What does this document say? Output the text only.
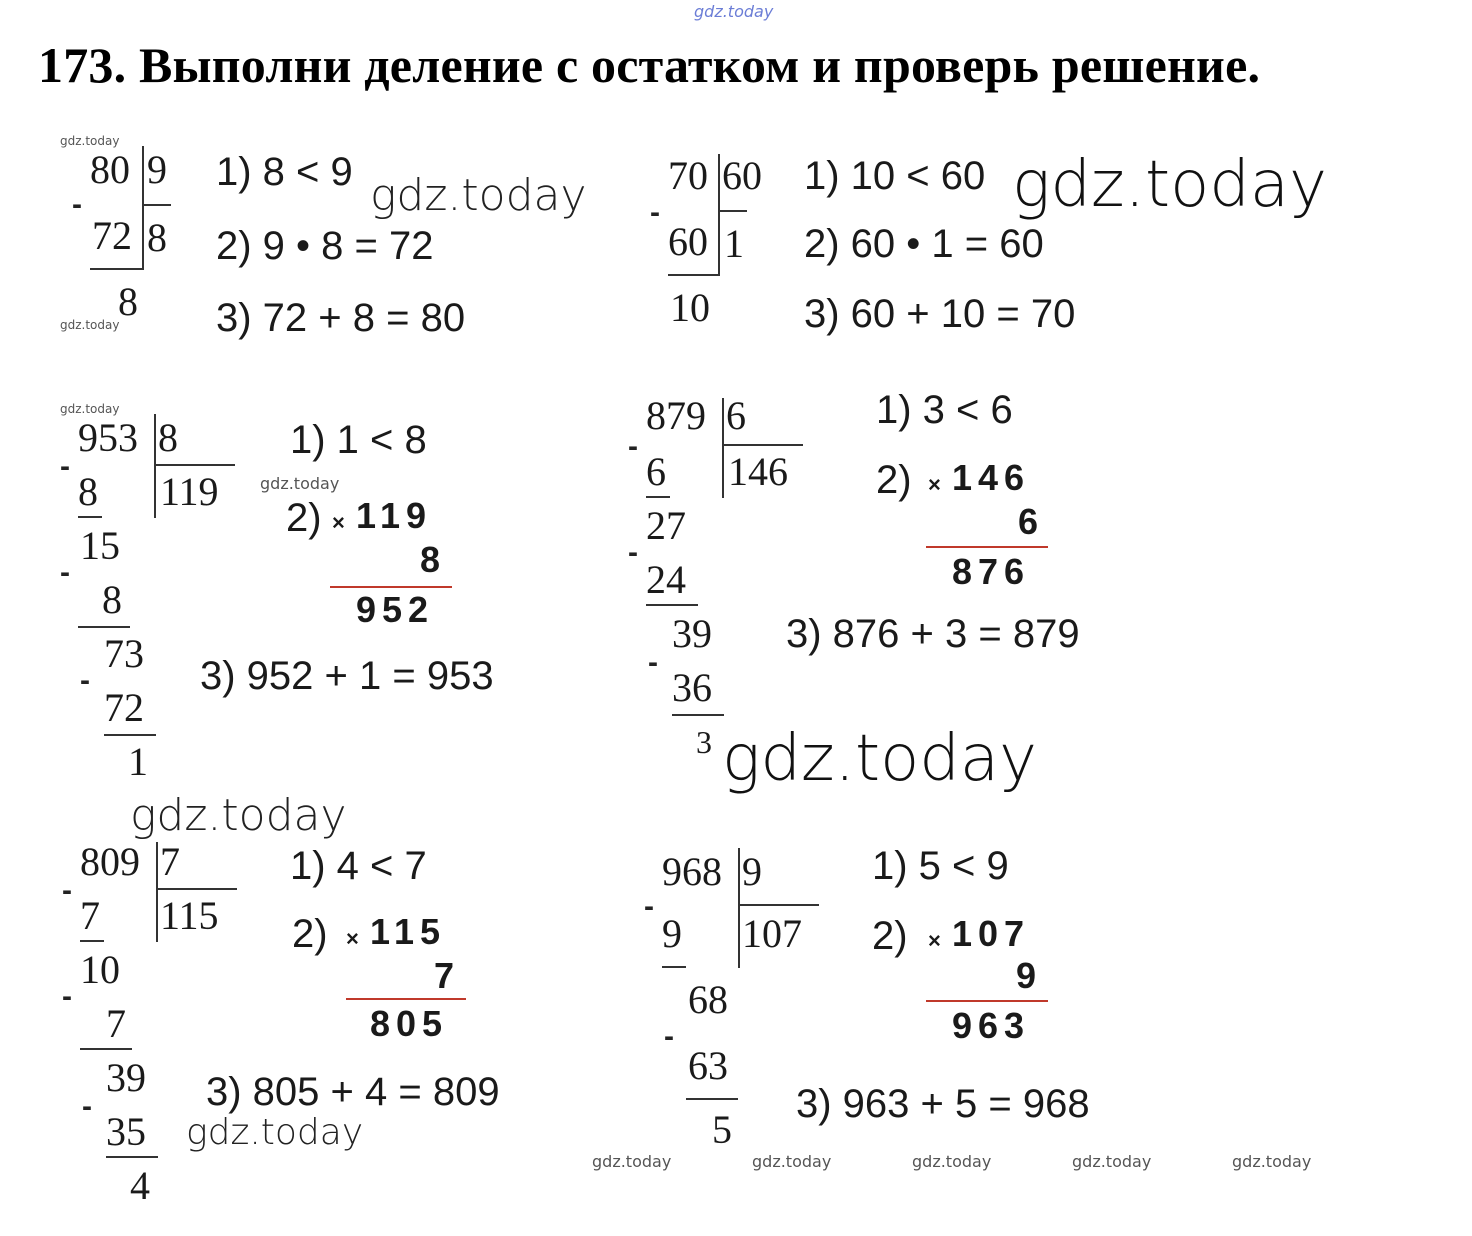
gdz.today
173. Выполни деление с остатком и проверь решение.
gdz.today
80 9
-
72 8
8
gdz.today
1) 8 < 9
2) 9 • 8 = 72
3) 72 + 8 = 80
gdz.today 70 60
-
60 1
10
1) 10 < 60
2) 60 • 1 = 60
3) 60 + 10 = 70
gdz.today
gdz.today
953 8
119
-
8
15
-
8
73
-
72
1
1) 1 < 8
gdz.today
2) × 119
8
952
3) 952 + 1 = 953
879 6
146
-
6
27
-
24
39
-
36
3
1) 3 < 6
2) × 146
6
876
3) 876 + 3 = 879
gdz.today
gdz.today
809 7
115
-
7
10
-
7
39
-
35
4
1) 4 < 7
2) × 115
7
805
3) 805 + 4 = 809
gdz.today
968 9
107
-
9
68
-
63
5
1) 5 < 9
2) × 107
9
963
3) 963 + 5 = 968
gdz.today	gdz.today	gdz.today	gdz.today	gdz.today
